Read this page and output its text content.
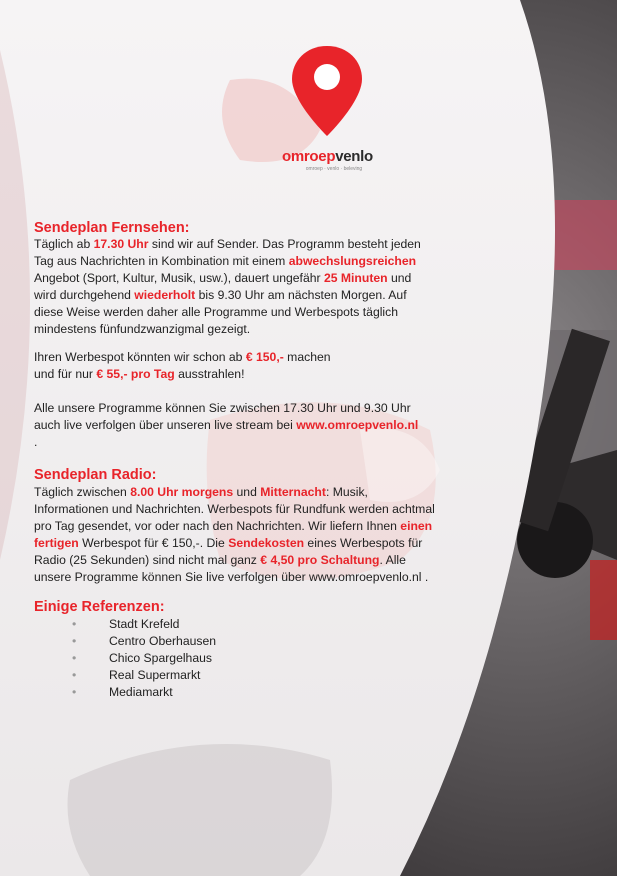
omroepvenlo
omroep · venlo · beleving
Sendeplan Fernsehen:
Täglich ab 17.30 Uhr sind wir auf Sender. Das Programm besteht jeden Tag aus Nachrichten in Kombination mit einem abwechslungsreichen Angebot (Sport, Kultur, Musik, usw.), dauert ungefähr 25 Minuten und wird durchgehend wiederholt bis 9.30 Uhr am nächsten Morgen. Auf diese Weise werden daher alle Programme und Werbespots täglich mindestens fünfundzwanzigmal gezeigt.
Ihren Werbespot könnten wir schon ab € 150,- machen und für nur € 55,- pro Tag ausstrahlen!
Alle unsere Programme können Sie zwischen 17.30 Uhr und 9.30 Uhr auch live verfolgen über unseren live stream bei www.omroepvenlo.nl .
Sendeplan Radio:
Täglich zwischen 8.00 Uhr morgens und Mitternacht: Musik, Informationen und Nachrichten. Werbespots für Rundfunk werden achtmal pro Tag gesendet, vor oder nach den Nachrichten. Wir liefern Ihnen einen fertigen Werbespot für € 150,-. Die Sendekosten eines Werbespots für Radio (25 Sekunden) sind nicht mal ganz € 4,50 pro Schaltung. Alle unsere Programme können Sie live verfolgen über www.omroepvenlo.nl .
Einige Referenzen:
•	Stadt Krefeld
•	Centro Oberhausen
•	Chico Spargelhaus
•	Real Supermarkt
•	Mediamarkt
